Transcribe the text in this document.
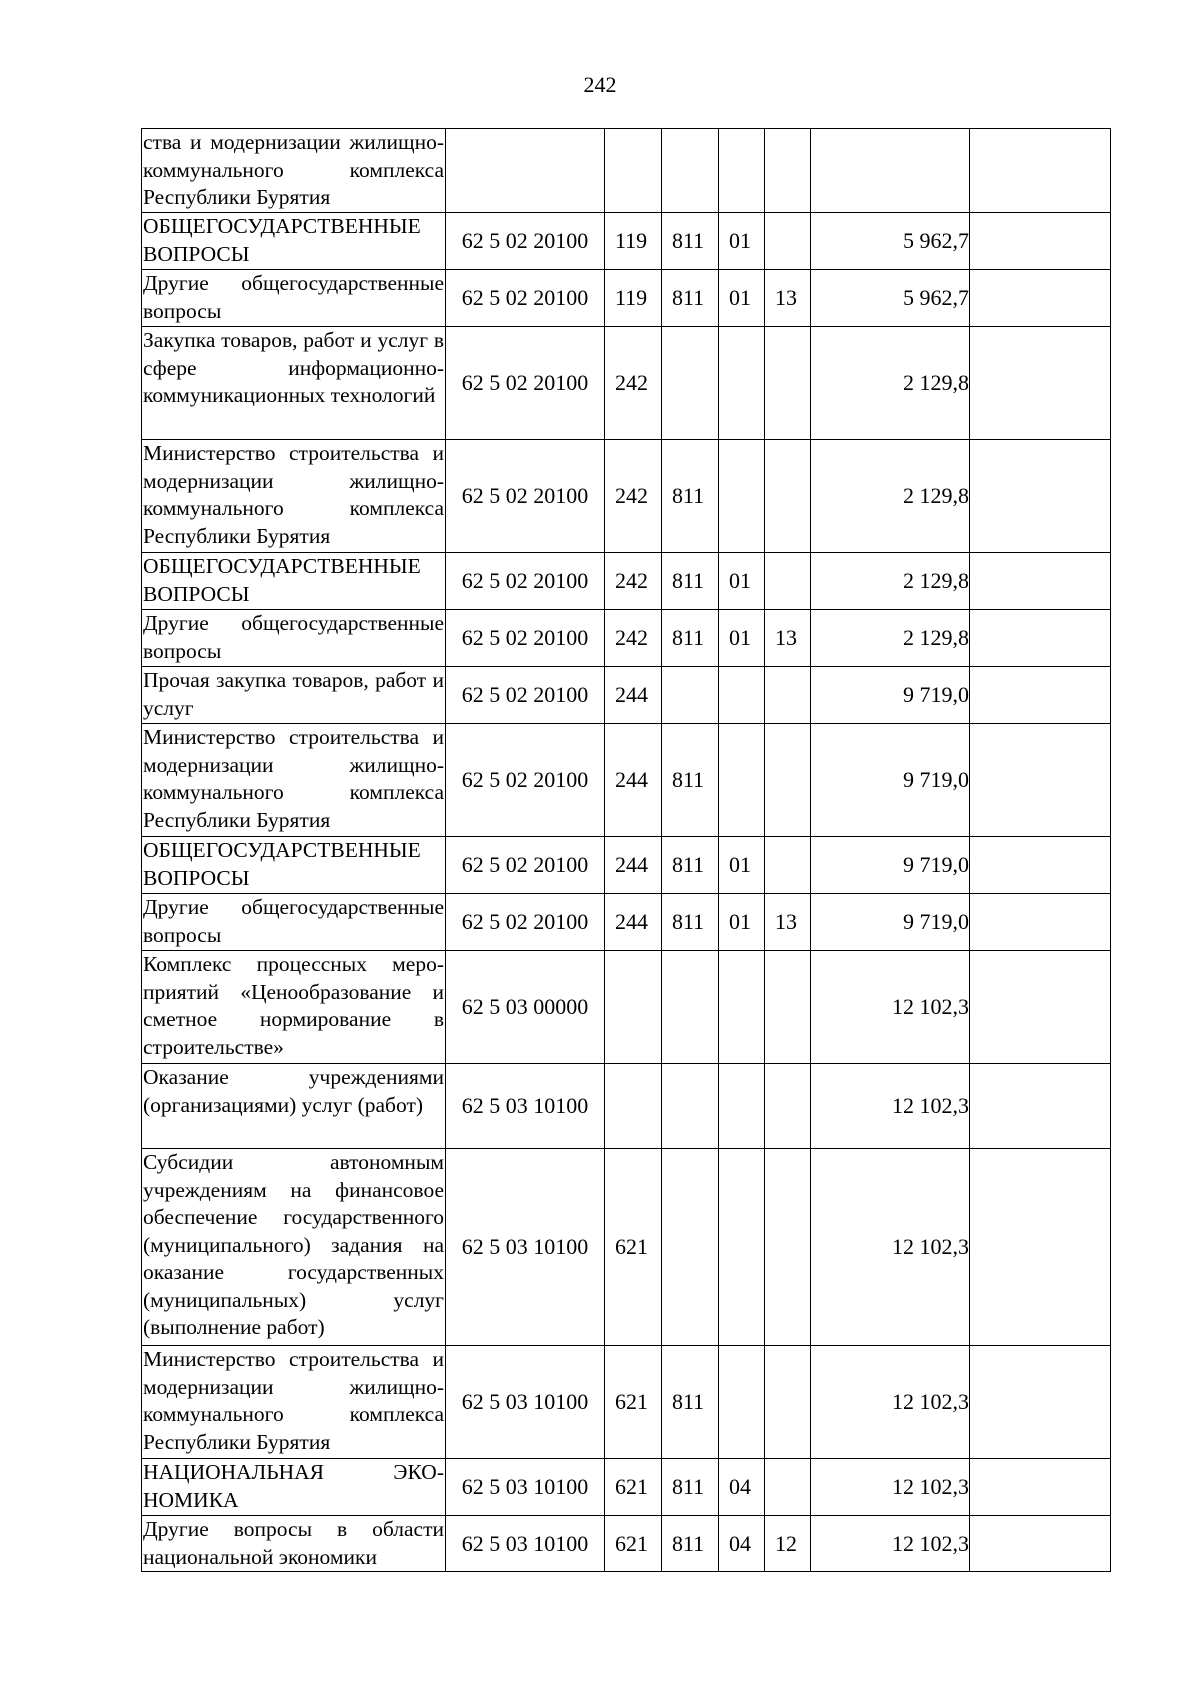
242
ства и модернизации жилищно-коммунального комплекса Республики Бурятия							

ОБЩЕГОСУДАРСТВЕННЫЕ ВОПРОСЫ	62 5 02 20100	119	811	01		5 962,7	

Другие общегосударственные вопросы	62 5 02 20100	119	811	01	13	5 962,7	

Закупка товаров, работ и услуг в сфере информационно-коммуникационных технологий	62 5 02 20100	242				2 129,8	

Министерство строительства и модернизации жилищно-коммунального комплекса Республики Бурятия	62 5 02 20100	242	811			2 129,8	

ОБЩЕГОСУДАРСТВЕННЫЕ ВОПРОСЫ	62 5 02 20100	242	811	01		2 129,8	

Другие общегосударственные вопросы	62 5 02 20100	242	811	01	13	2 129,8	

Прочая закупка товаров, работ и услуг	62 5 02 20100	244				9 719,0	

Министерство строительства и модернизации жилищно-коммунального комплекса Республики Бурятия	62 5 02 20100	244	811			9 719,0	

ОБЩЕГОСУДАРСТВЕННЫЕ ВОПРОСЫ	62 5 02 20100	244	811	01		9 719,0	

Другие общегосударственные вопросы	62 5 02 20100	244	811	01	13	9 719,0	

Комплекс процессных мероприятий «Ценообразование и сметное нормирование в строительстве»	62 5 03 00000					12 102,3	

Оказание учреждениями (организациями) услуг (работ)	62 5 03 10100					12 102,3	

Субсидии автономным учреждениям на финансовое обеспечение государственного (муниципального) задания на оказание государственных (муниципальных) услуг (выполнение работ)	62 5 03 10100	621				12 102,3	

Министерство строительства и модернизации жилищно-коммунального комплекса Республики Бурятия	62 5 03 10100	621	811			12 102,3	

НАЦИОНАЛЬНАЯ ЭКОНОМИКА	62 5 03 10100	621	811	04		12 102,3	

Другие вопросы в области национальной экономики	62 5 03 10100	621	811	04	12	12 102,3	
